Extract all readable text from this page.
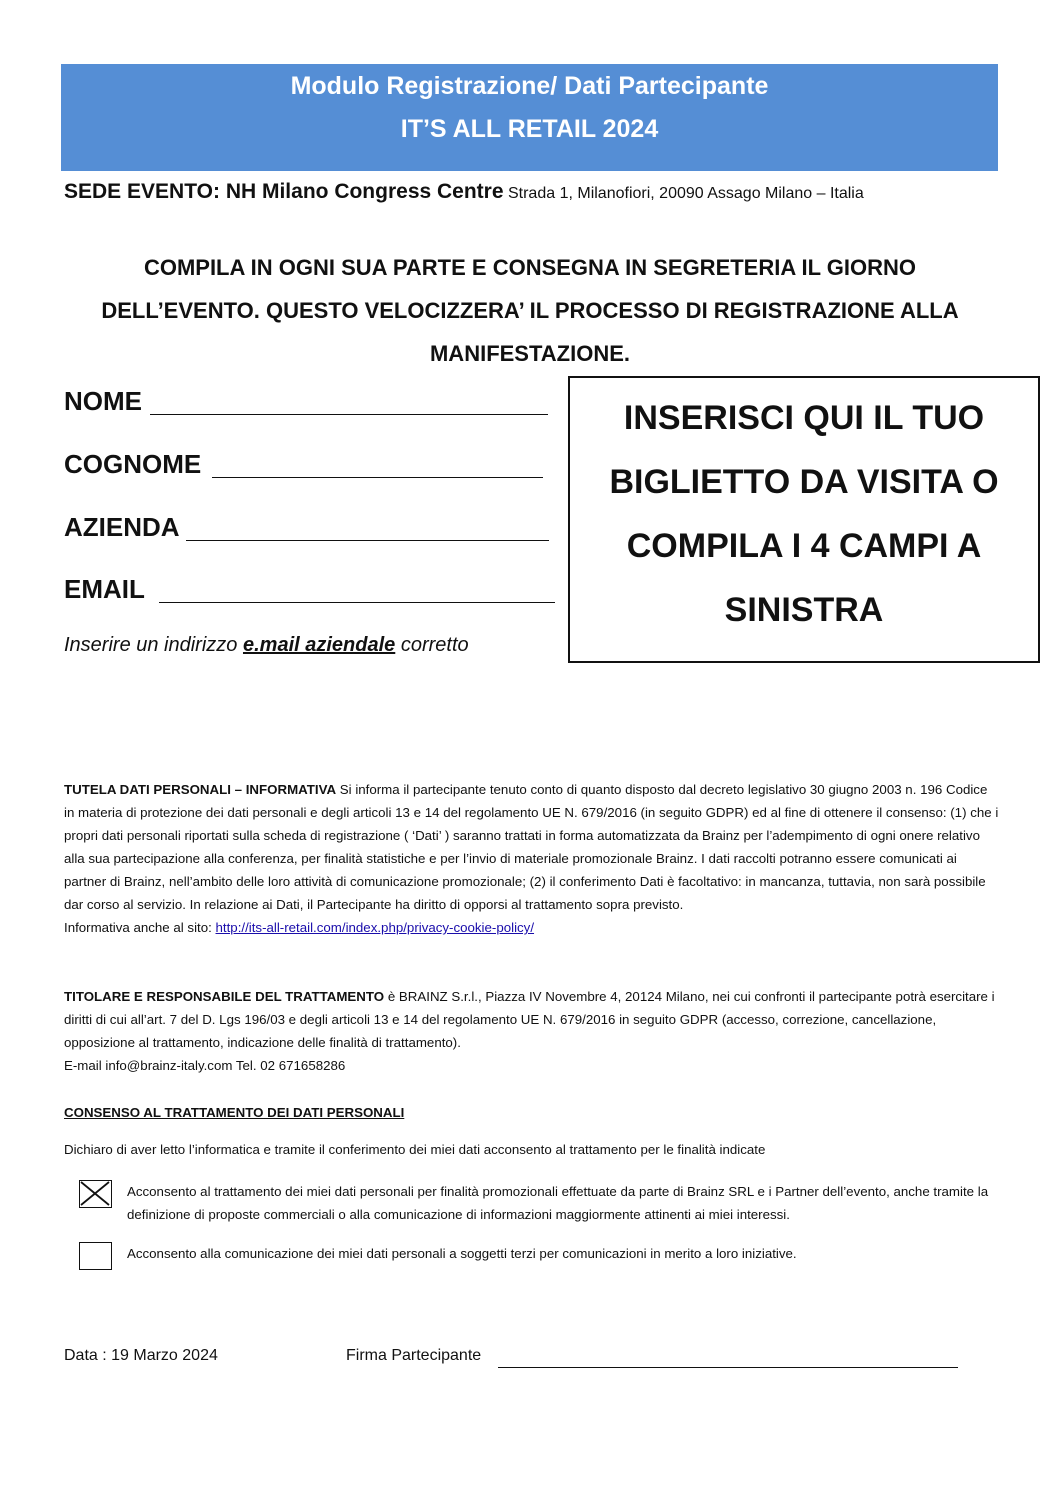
Modulo Registrazione/ Dati Partecipante
IT’S ALL RETAIL 2024
SEDE EVENTO: NH Milano Congress Centre Strada 1, Milanofiori, 20090 Assago Milano – Italia
COMPILA IN OGNI SUA PARTE E CONSEGNA IN SEGRETERIA IL GIORNO
DELL’EVENTO. QUESTO VELOCIZZERA’ IL PROCESSO DI REGISTRAZIONE ALLA
MANIFESTAZIONE.
NOME
COGNOME
AZIENDA
EMAIL
Inserire un indirizzo e.mail aziendale corretto
INSERISCI QUI IL TUO
BIGLIETTO DA VISITA O
COMPILA I 4 CAMPI A
SINISTRA
TUTELA DATI PERSONALI – INFORMATIVA Si informa il partecipante tenuto conto di quanto disposto dal decreto legislativo 30 giugno 2003 n. 196 Codice in materia di protezione dei dati personali e degli articoli 13 e 14 del regolamento UE N. 679/2016 (in seguito GDPR) ed al fine di ottenere il consenso: (1) che i propri dati personali riportati sulla scheda di registrazione ( ‘Dati’ ) saranno trattati in forma automatizzata da Brainz per l’adempimento di ogni onere relativo alla sua partecipazione alla conferenza, per finalità statistiche e per l’invio di materiale promozionale Brainz. I dati raccolti potranno essere comunicati ai partner di Brainz, nell’ambito delle loro attività di comunicazione promozionale; (2) il conferimento Dati è facoltativo: in mancanza, tuttavia, non sarà possibile dar corso al servizio. In relazione ai Dati, il Partecipante ha diritto di opporsi al trattamento sopra previsto.
Informativa anche al sito: http://its-all-retail.com/index.php/privacy-cookie-policy/
TITOLARE E RESPONSABILE DEL TRATTAMENTO è BRAINZ S.r.l., Piazza IV Novembre 4, 20124 Milano, nei cui confronti il partecipante potrà esercitare i diritti di cui all’art. 7 del D. Lgs 196/03 e degli articoli 13 e 14 del regolamento UE N. 679/2016 in seguito GDPR (accesso, correzione, cancellazione, opposizione al trattamento, indicazione delle finalità di trattamento).
E-mail info@brainz-italy.com Tel. 02 671658286
CONSENSO AL TRATTAMENTO DEI DATI PERSONALI
Dichiaro di aver letto l’informatica e tramite il conferimento dei miei dati acconsento al trattamento per le finalità indicate
Acconsento al trattamento dei miei dati personali per finalità promozionali effettuate da parte di Brainz SRL e i Partner dell’evento, anche tramite la definizione di proposte commerciali o alla comunicazione di informazioni maggiormente attinenti ai miei interessi.
Acconsento alla comunicazione dei miei dati personali a soggetti terzi per comunicazioni in merito a loro iniziative.
Data : 19 Marzo 2024	Firma Partecipante
